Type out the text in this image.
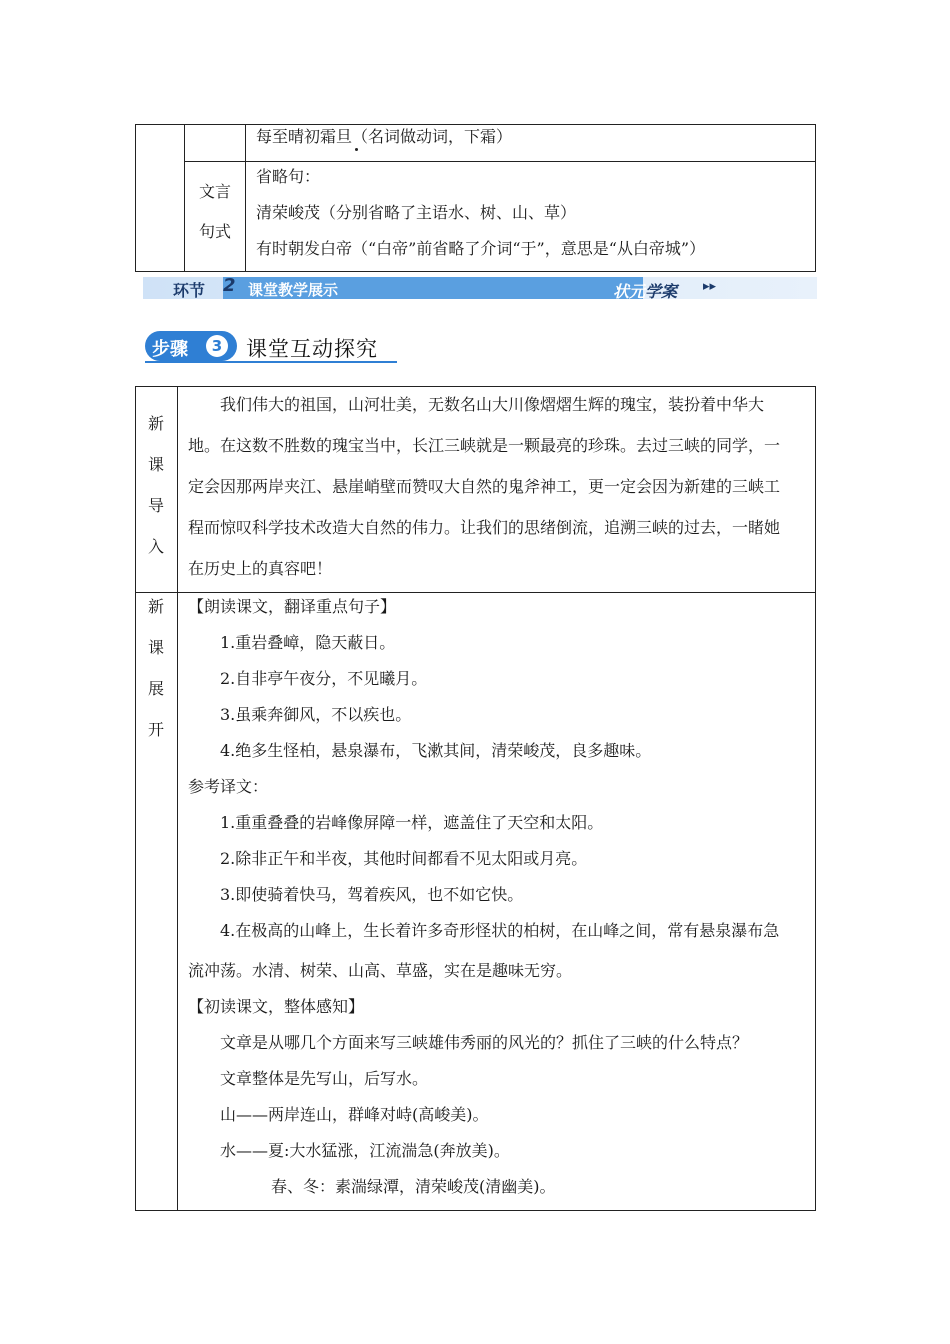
每至晴初霜旦（名词做动词，下霜）
文言
句式
省略句：
清荣峻茂（分别省略了主语水、树、山、草）
有时朝发白帝（“白帝”前省略了介词“于”，意思是“从白帝城”）
环节 2 课堂教学展示	状元学案 ▸▸
步骤	3 课堂互动探究
新课导入
我们伟大的祖国，山河壮美，无数名山大川像熠熠生辉的瑰宝，装扮着中华大
地。在这数不胜数的瑰宝当中，长江三峡就是一颗最亮的珍珠。去过三峡的同学，一
定会因那两岸夹江、悬崖峭壁而赞叹大自然的鬼斧神工，更一定会因为新建的三峡工
程而惊叹科学技术改造大自然的伟力。让我们的思绪倒流，追溯三峡的过去，一睹她
在历史上的真容吧！
新课展开
【朗读课文，翻译重点句子】
1.重岩叠嶂，隐天蔽日。
2.自非亭午夜分，不见曦月。
3.虽乘奔御风，不以疾也。
4.绝多生怪柏，悬泉瀑布，飞漱其间，清荣峻茂，良多趣味。
参考译文：
1.重重叠叠的岩峰像屏障一样，遮盖住了天空和太阳。
2.除非正午和半夜，其他时间都看不见太阳或月亮。
3.即使骑着快马，驾着疾风，也不如它快。
4.在极高的山峰上，生长着许多奇形怪状的柏树，在山峰之间，常有悬泉瀑布急
流冲荡。水清、树荣、山高、草盛，实在是趣味无穷。
【初读课文，整体感知】
文章是从哪几个方面来写三峡雄伟秀丽的风光的？抓住了三峡的什么特点？
文章整体是先写山，后写水。
山——两岸连山，群峰对峙(高峻美)。
水——夏:大水猛涨，江流湍急(奔放美)。
春、冬：素湍绿潭，清荣峻茂(清幽美)。
